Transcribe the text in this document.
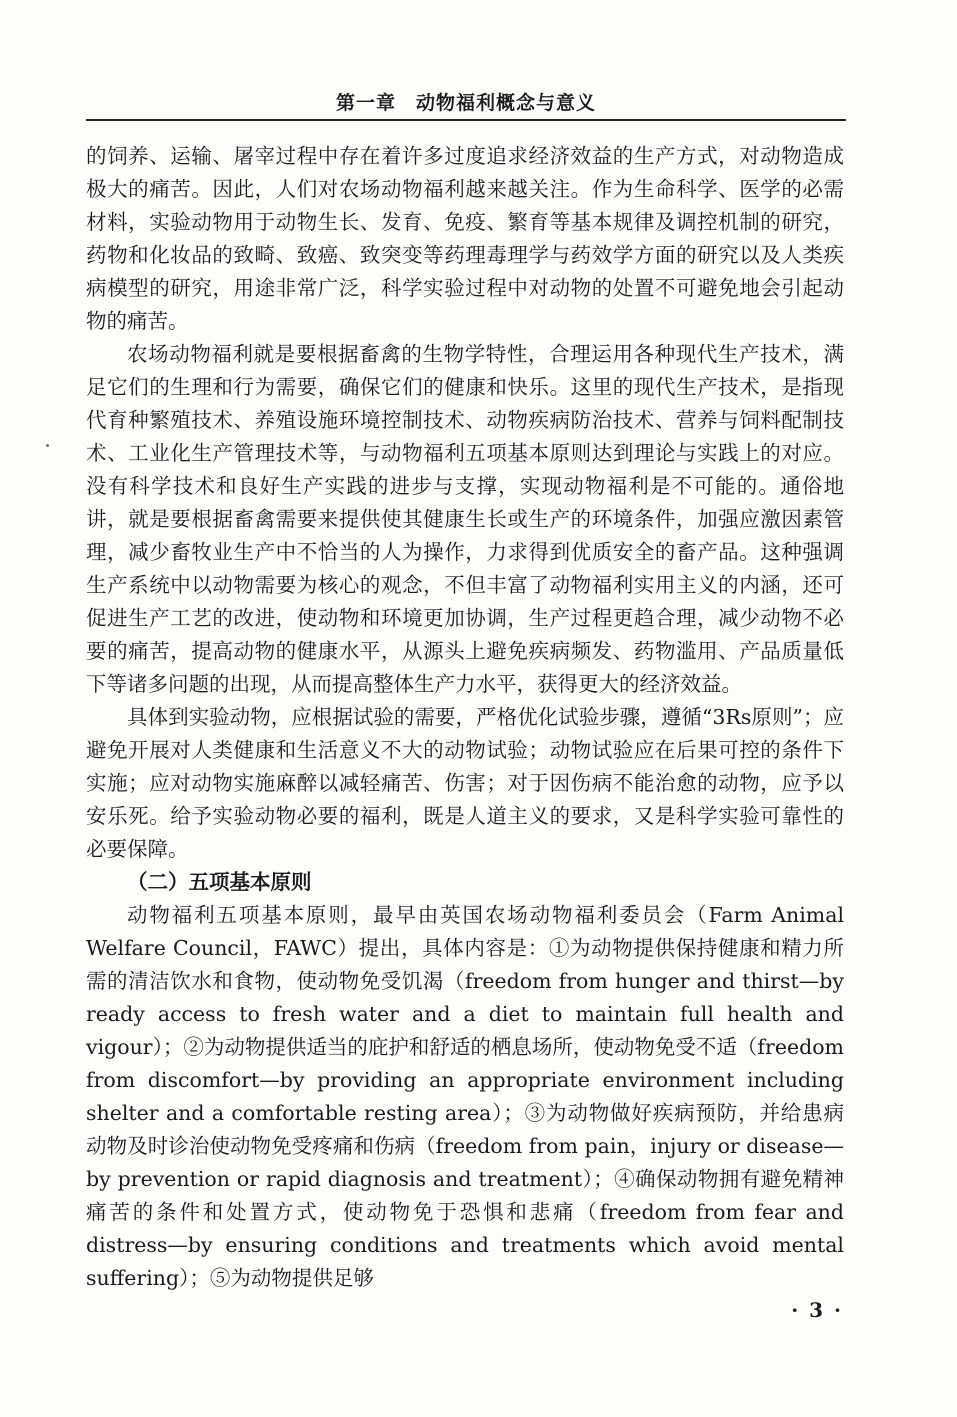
第一章　动物福利概念与意义

的饲养、运输、屠宰过程中存在着许多过度追求经济效益的生产方式，对动物造成极大的痛苦。因此，人们对农场动物福利越来越关注。作为生命科学、医学的必需材料，实验动物用于动物生长、发育、免疫、繁育等基本规律及调控机制的研究，药物和化妆品的致畸、致癌、致突变等药理毒理学与药效学方面的研究以及人类疾病模型的研究，用途非常广泛，科学实验过程中对动物的处置不可避免地会引起动物的痛苦。

农场动物福利就是要根据畜禽的生物学特性，合理运用各种现代生产技术，满足它们的生理和行为需要，确保它们的健康和快乐。这里的现代生产技术，是指现代育种繁殖技术、养殖设施环境控制技术、动物疾病防治技术、营养与饲料配制技术、工业化生产管理技术等，与动物福利五项基本原则达到理论与实践上的对应。没有科学技术和良好生产实践的进步与支撑，实现动物福利是不可能的。通俗地讲，就是要根据畜禽需要来提供使其健康生长或生产的环境条件，加强应激因素管理，减少畜牧业生产中不恰当的人为操作，力求得到优质安全的畜产品。这种强调生产系统中以动物需要为核心的观念，不但丰富了动物福利实用主义的内涵，还可促进生产工艺的改进，使动物和环境更加协调，生产过程更趋合理，减少动物不必要的痛苦，提高动物的健康水平，从源头上避免疾病频发、药物滥用、产品质量低下等诸多问题的出现，从而提高整体生产力水平，获得更大的经济效益。

具体到实验动物，应根据试验的需要，严格优化试验步骤，遵循“3Rs原则”；应避免开展对人类健康和生活意义不大的动物试验；动物试验应在后果可控的条件下实施；应对动物实施麻醉以减轻痛苦、伤害；对于因伤病不能治愈的动物，应予以安乐死。给予实验动物必要的福利，既是人道主义的要求，又是科学实验可靠性的必要保障。

（二）五项基本原则

动物福利五项基本原则，最早由英国农场动物福利委员会（Farm Animal Welfare Council，FAWC）提出，具体内容是：①为动物提供保持健康和精力所需的清洁饮水和食物，使动物免受饥渴（freedom from hunger and thirst—by ready access to fresh water and a diet to maintain full health and vigour）；②为动物提供适当的庇护和舒适的栖息场所，使动物免受不适（freedom from discomfort—by providing an appropriate environment including shelter and a comfortable resting area）；③为动物做好疾病预防，并给患病动物及时诊治使动物免受疼痛和伤病（freedom from pain，injury or disease—by prevention or rapid diagnosis and treatment）；④确保动物拥有避免精神痛苦的条件和处置方式，使动物免于恐惧和悲痛（freedom from fear and distress—by ensuring conditions and treatments which avoid mental suffering）；⑤为动物提供足够

· 3 ·
